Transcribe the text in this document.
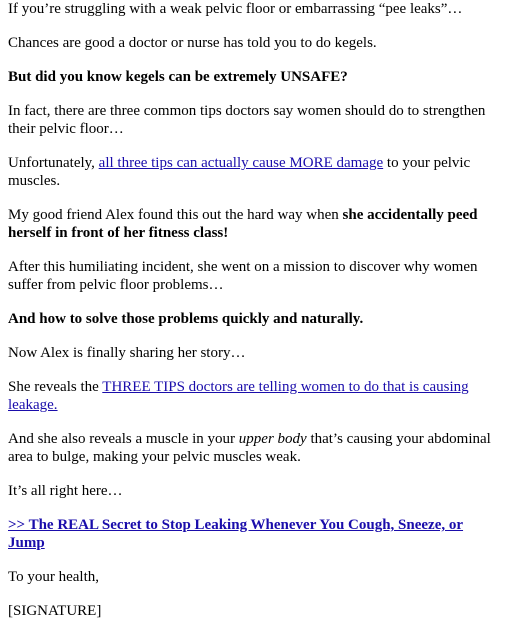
If you’re struggling with a weak pelvic floor or embarrassing “pee leaks”…

Chances are good a doctor or nurse has told you to do kegels.

But did you know kegels can be extremely UNSAFE?

In fact, there are three common tips doctors say women should do to strengthen their pelvic floor…

Unfortunately, all three tips can actually cause MORE damage to your pelvic muscles.

My good friend Alex found this out the hard way when she accidentally peed herself in front of her fitness class!

After this humiliating incident, she went on a mission to discover why women suffer from pelvic floor problems…

And how to solve those problems quickly and naturally.

Now Alex is finally sharing her story…

She reveals the THREE TIPS doctors are telling women to do that is causing leakage.

And she also reveals a muscle in your upper body that’s causing your abdominal area to bulge, making your pelvic muscles weak.

It’s all right here…

>> The REAL Secret to Stop Leaking Whenever You Cough, Sneeze, or Jump

To your health,

[SIGNATURE]
